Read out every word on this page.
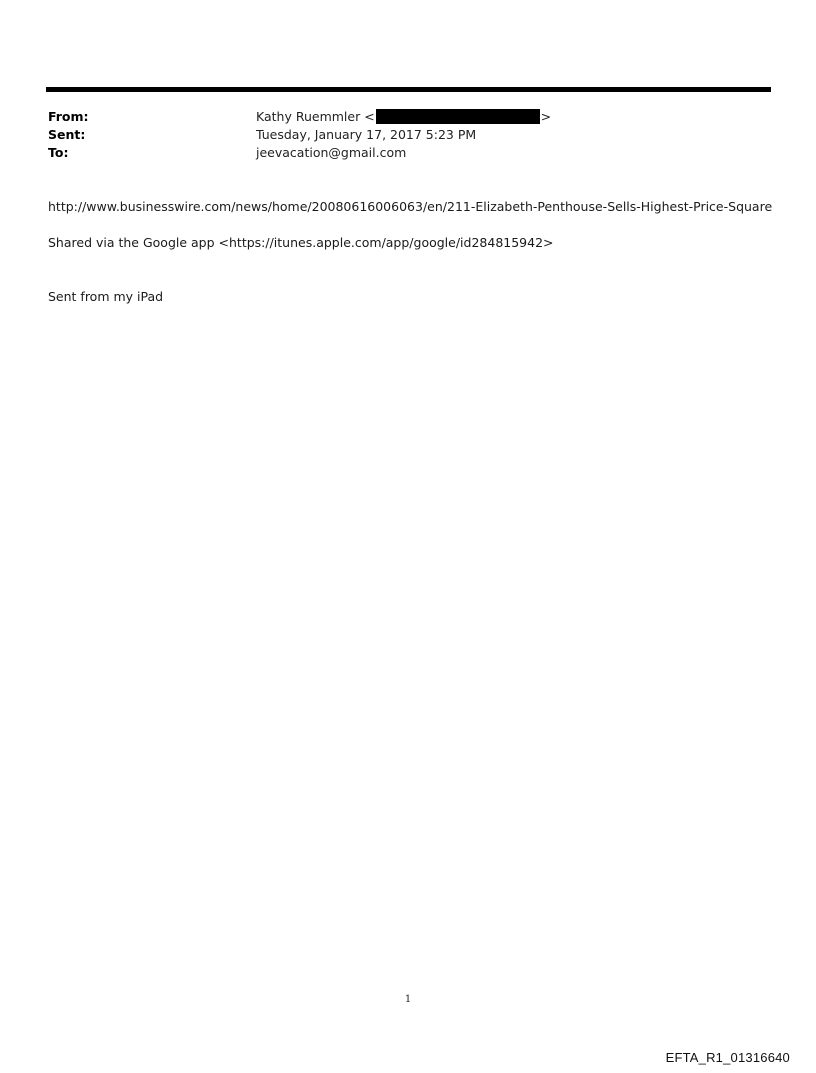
From:	Kathy Ruemmler <	>
Sent:	Tuesday, January 17, 2017 5:23 PM
To:	jeevacation@gmail.com
http://www.businesswire.com/news/home/20080616006063/en/211-Elizabeth-Penthouse-Sells-Highest-Price-Square
Shared via the Google app <https://itunes.apple.com/app/google/id284815942>
Sent from my iPad
1
EFTA_R1_01316640
